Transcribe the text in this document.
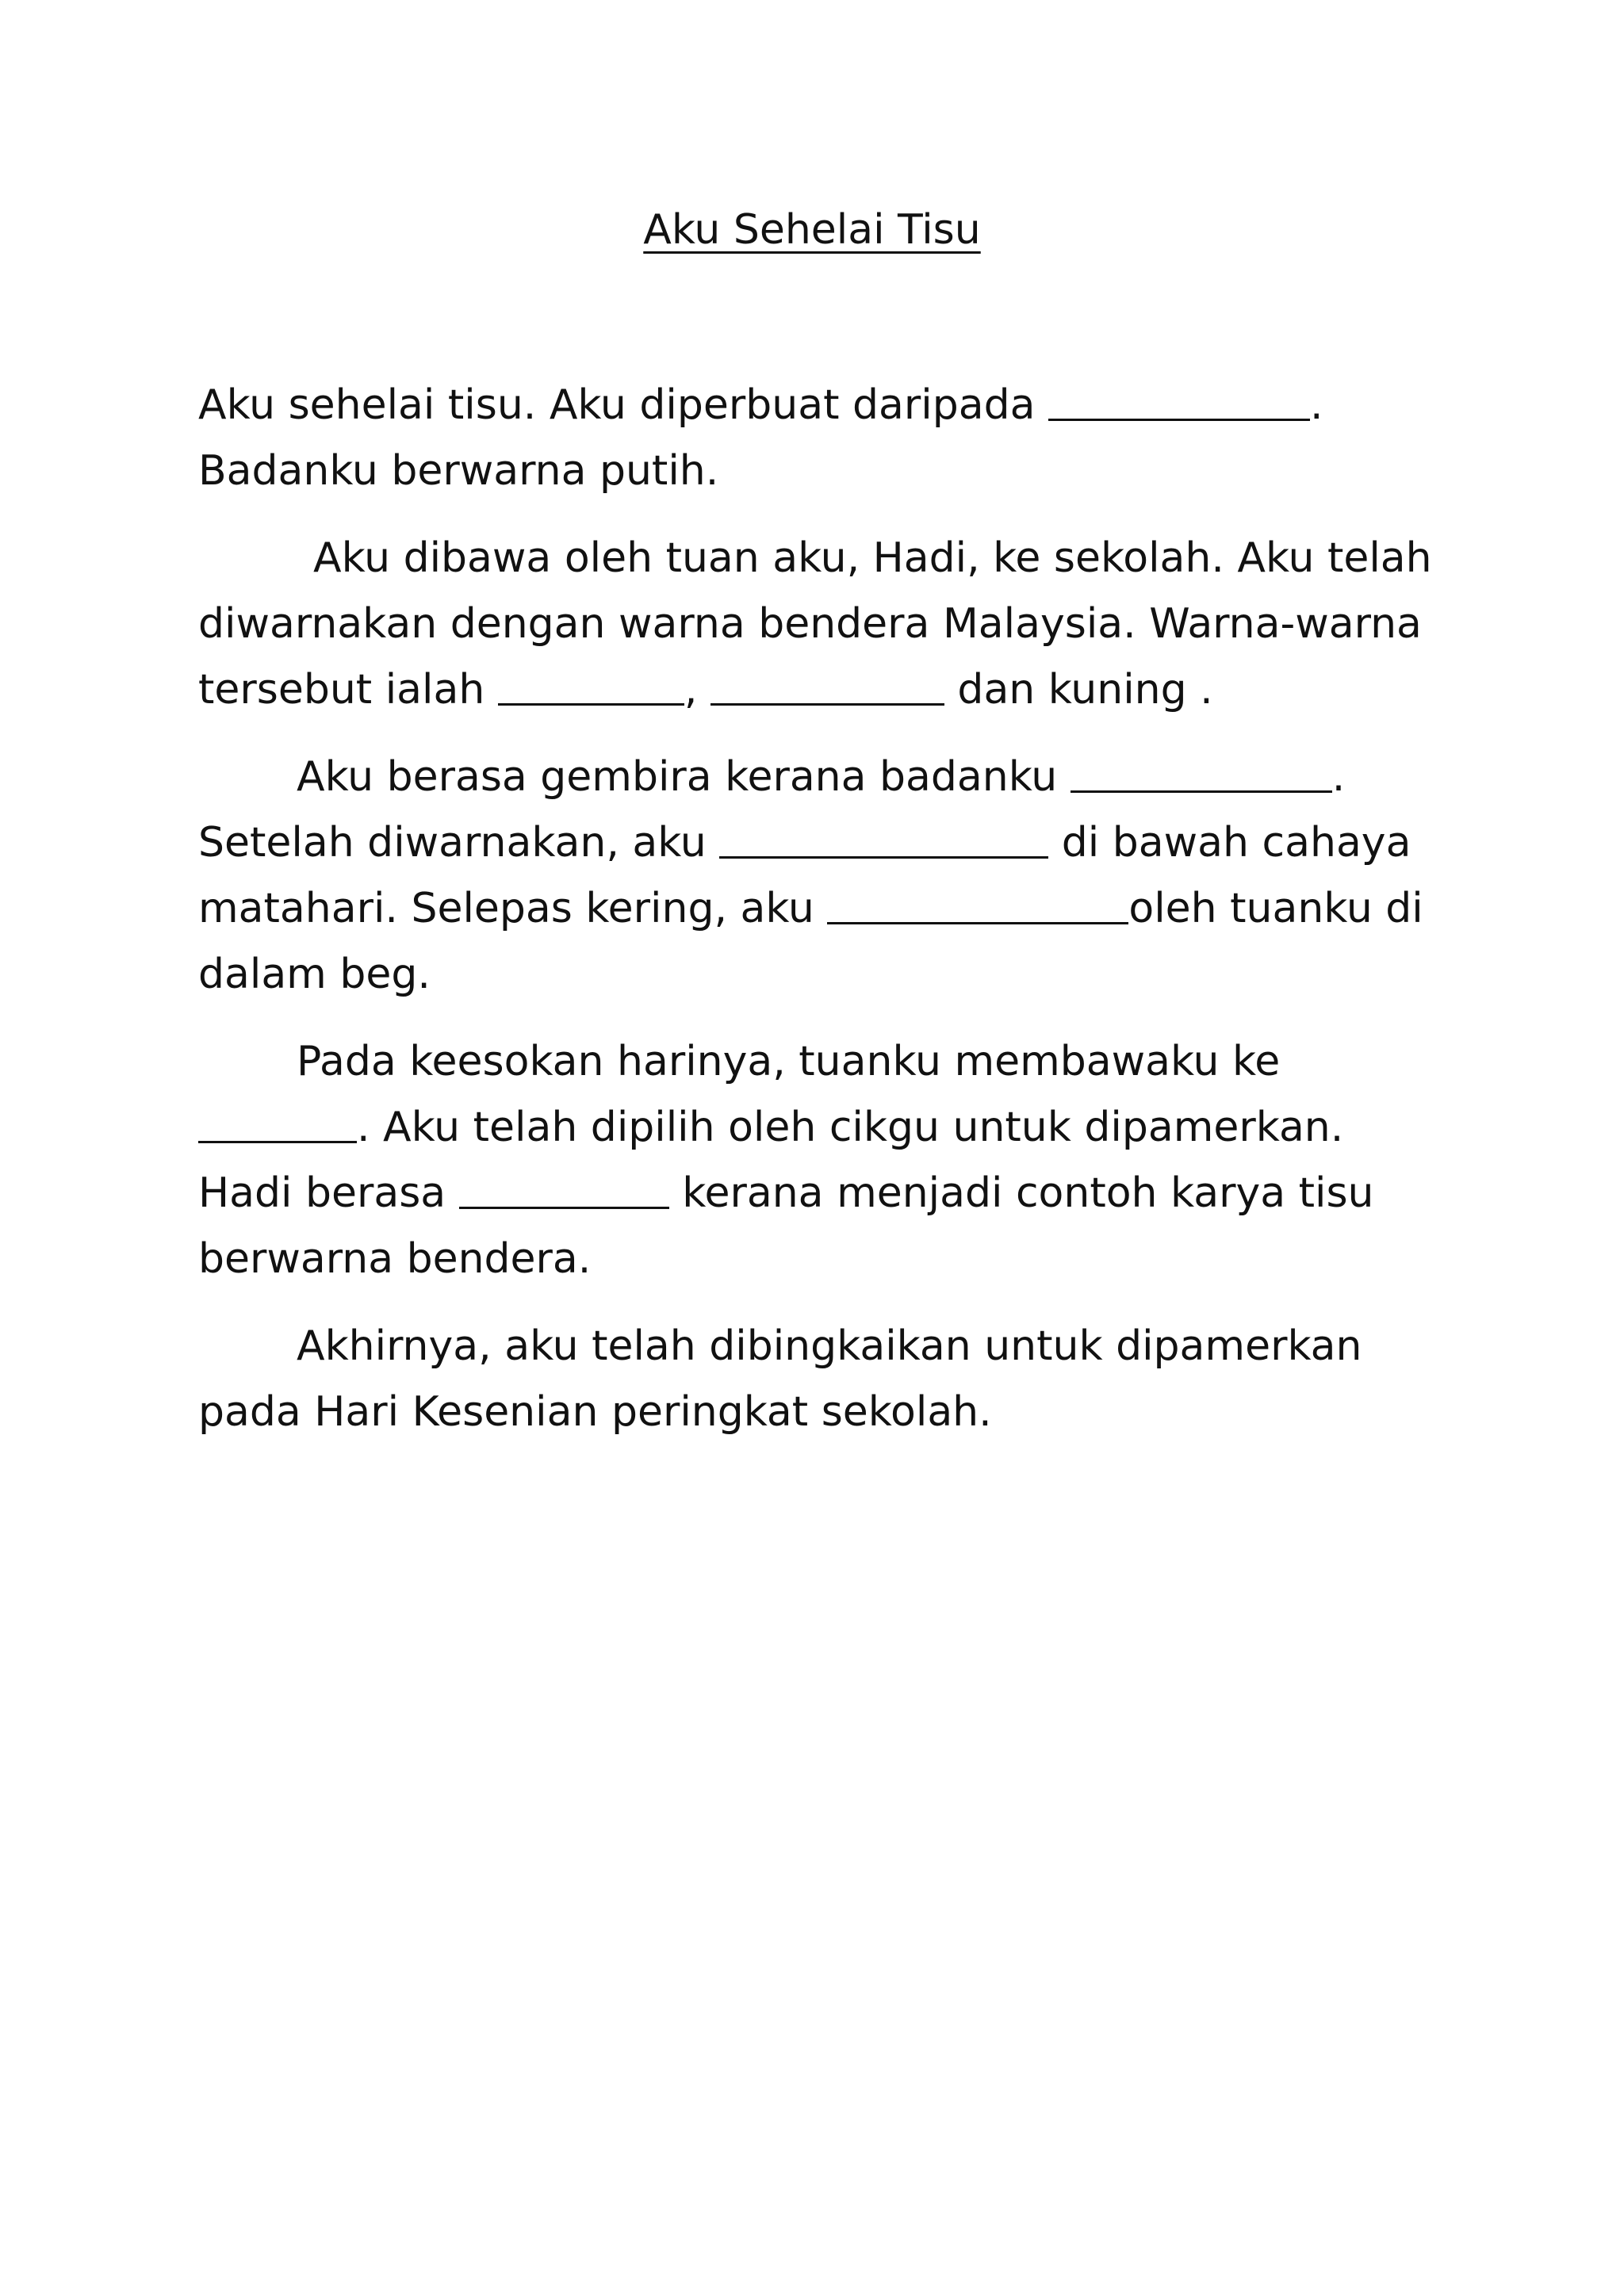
Aku Sehelai Tisu

Aku sehelai tisu. Aku diperbuat daripada	.
Badanku berwarna putih.

Aku dibawa oleh tuan aku, Hadi, ke sekolah. Aku telah diwarnakan dengan warna bendera Malaysia. Warna-warna tersebut ialah	,	dan kuning .

Aku berasa gembira kerana badanku	. Setelah diwarnakan, aku	di bawah cahaya matahari. Selepas kering, aku	oleh tuanku di dalam beg.

Pada keesokan harinya, tuanku membawaku ke . Aku telah dipilih oleh cikgu untuk dipamerkan. Hadi berasa	kerana menjadi contoh karya tisu berwarna bendera.

Akhirnya, aku telah dibingkaikan untuk dipamerkan pada Hari Kesenian peringkat sekolah.
